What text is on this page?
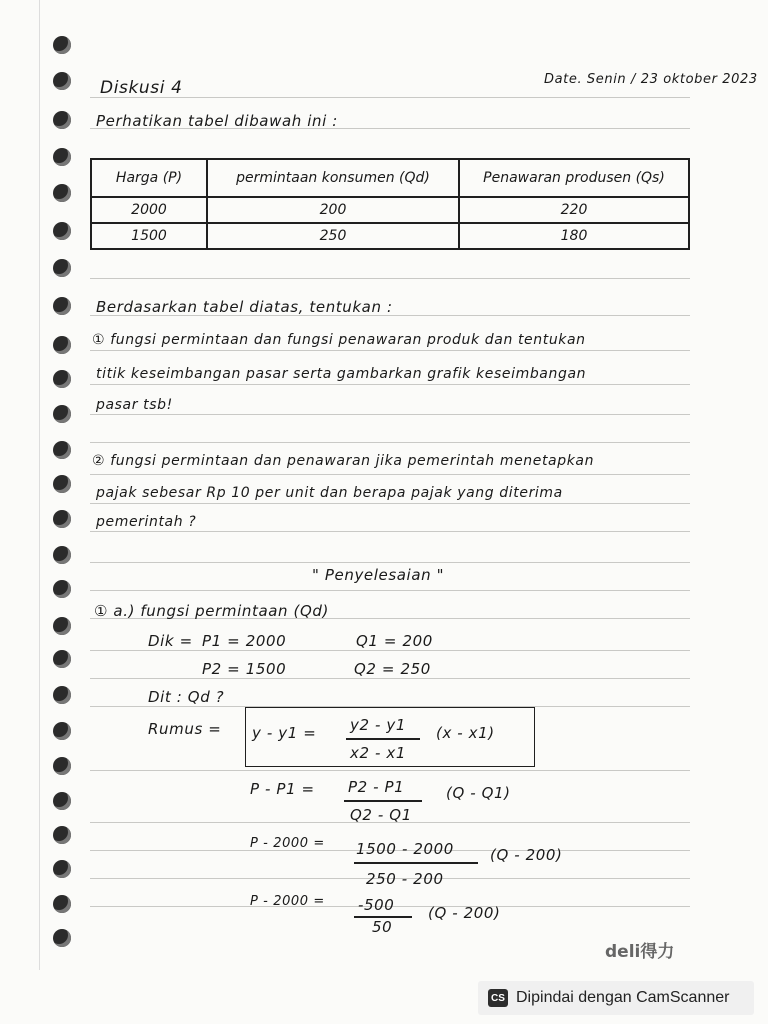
Diskusi 4	Date. Senin / 23 oktober 2023
Perhatikan tabel dibawah ini :
Harga (P)	permintaan konsumen (Qd)	Penawaran produsen (Qs)
2000	200	220
1500	250	180
Berdasarkan tabel diatas, tentukan :
① fungsi permintaan dan fungsi penawaran produk dan tentukan
titik keseimbangan pasar serta gambarkan grafik keseimbangan
pasar tsb!
② fungsi permintaan dan penawaran jika pemerintah menetapkan
pajak sebesar Rp 10 per unit dan berapa pajak yang diterima
pemerintah ?
" Penyelesaian "
① a.) fungsi permintaan (Qd)
Dik = P1 = 2000	Q1 = 200
P2 = 1500	Q2 = 250
Dit : Qd ?
Rumus = y - y1 = y2 - y1
x2 - x1
(x - x1)
P - P1 = P2 - P1
Q2 - Q1
(Q - Q1)
P - 2000 = 1500 - 2000
250 - 200
(Q - 200)
P - 2000 = -500
50
(Q - 200)
deli得力
CS Dipindai dengan CamScanner
